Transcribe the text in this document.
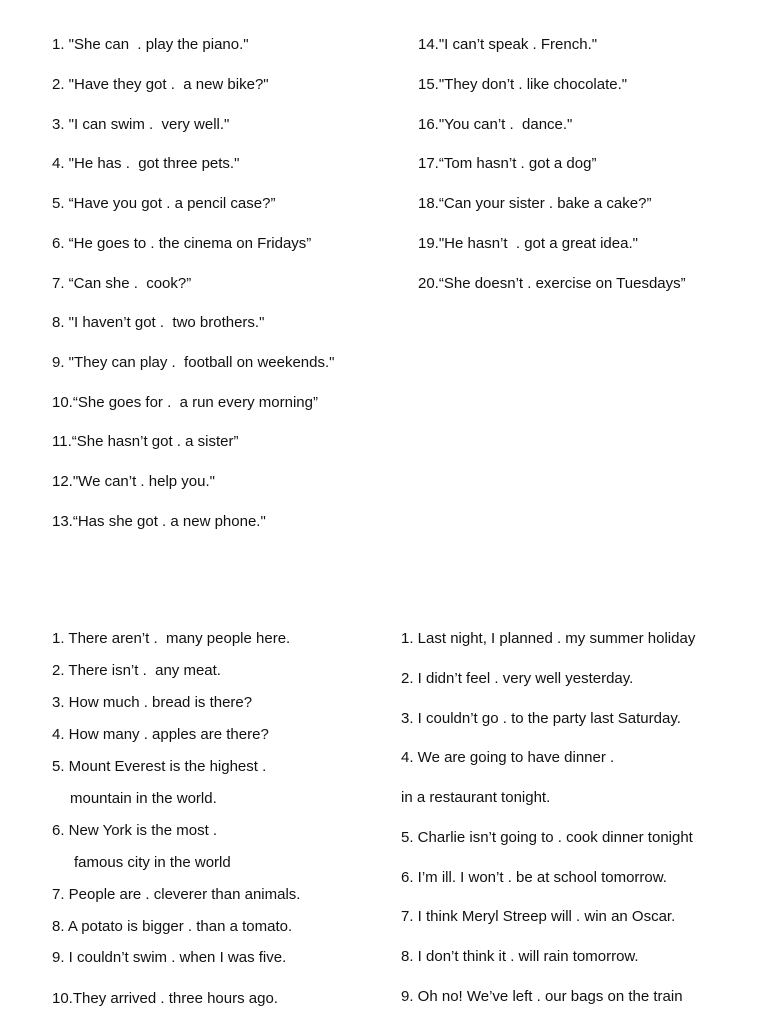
1. "She can  . play the piano."
2. "Have they got .  a new bike?"
3. "I can swim .  very well."
4. "He has .  got three pets."
5. “Have you got . a pencil case?”
6. “He goes to . the cinema on Fridays”
7. “Can she .  cook?”
8. "I haven’t got .  two brothers."
9. "They can play .  football on weekends."
10.“She goes for .  a run every morning”
11.“She hasn’t got . a sister”
12."We can’t . help you."
13.“Has she got . a new phone."
14."I can’t speak . French."
15."They don’t . like chocolate."
16."You can’t .  dance."
17.“Tom hasn’t . got a dog”
18.“Can your sister . bake a cake?”
19."He hasn’t  . got a great idea."
20.“She doesn’t . exercise on Tuesdays”
1. There aren’t .  many people here.
2. There isn’t .  any meat.
3. How much . bread is there?
4. How many . apples are there?
5. Mount Everest is the highest .
mountain in the world.
6. New York is the most .
famous city in the world
7. People are . cleverer than animals.
8. A potato is bigger . than a tomato.
9. I couldn’t swim . when I was five.
10.They arrived . three hours ago.
1. Last night, I planned . my summer holiday
2. I didn’t feel . very well yesterday.
3. I couldn’t go . to the party last Saturday.
4. We are going to have dinner .
in a restaurant tonight.
5. Charlie isn’t going to . cook dinner tonight
6. I’m ill. I won’t . be at school tomorrow.
7. I think Meryl Streep will . win an Oscar.
8. I don’t think it . will rain tomorrow.
9. Oh no! We’ve left . our bags on the train
